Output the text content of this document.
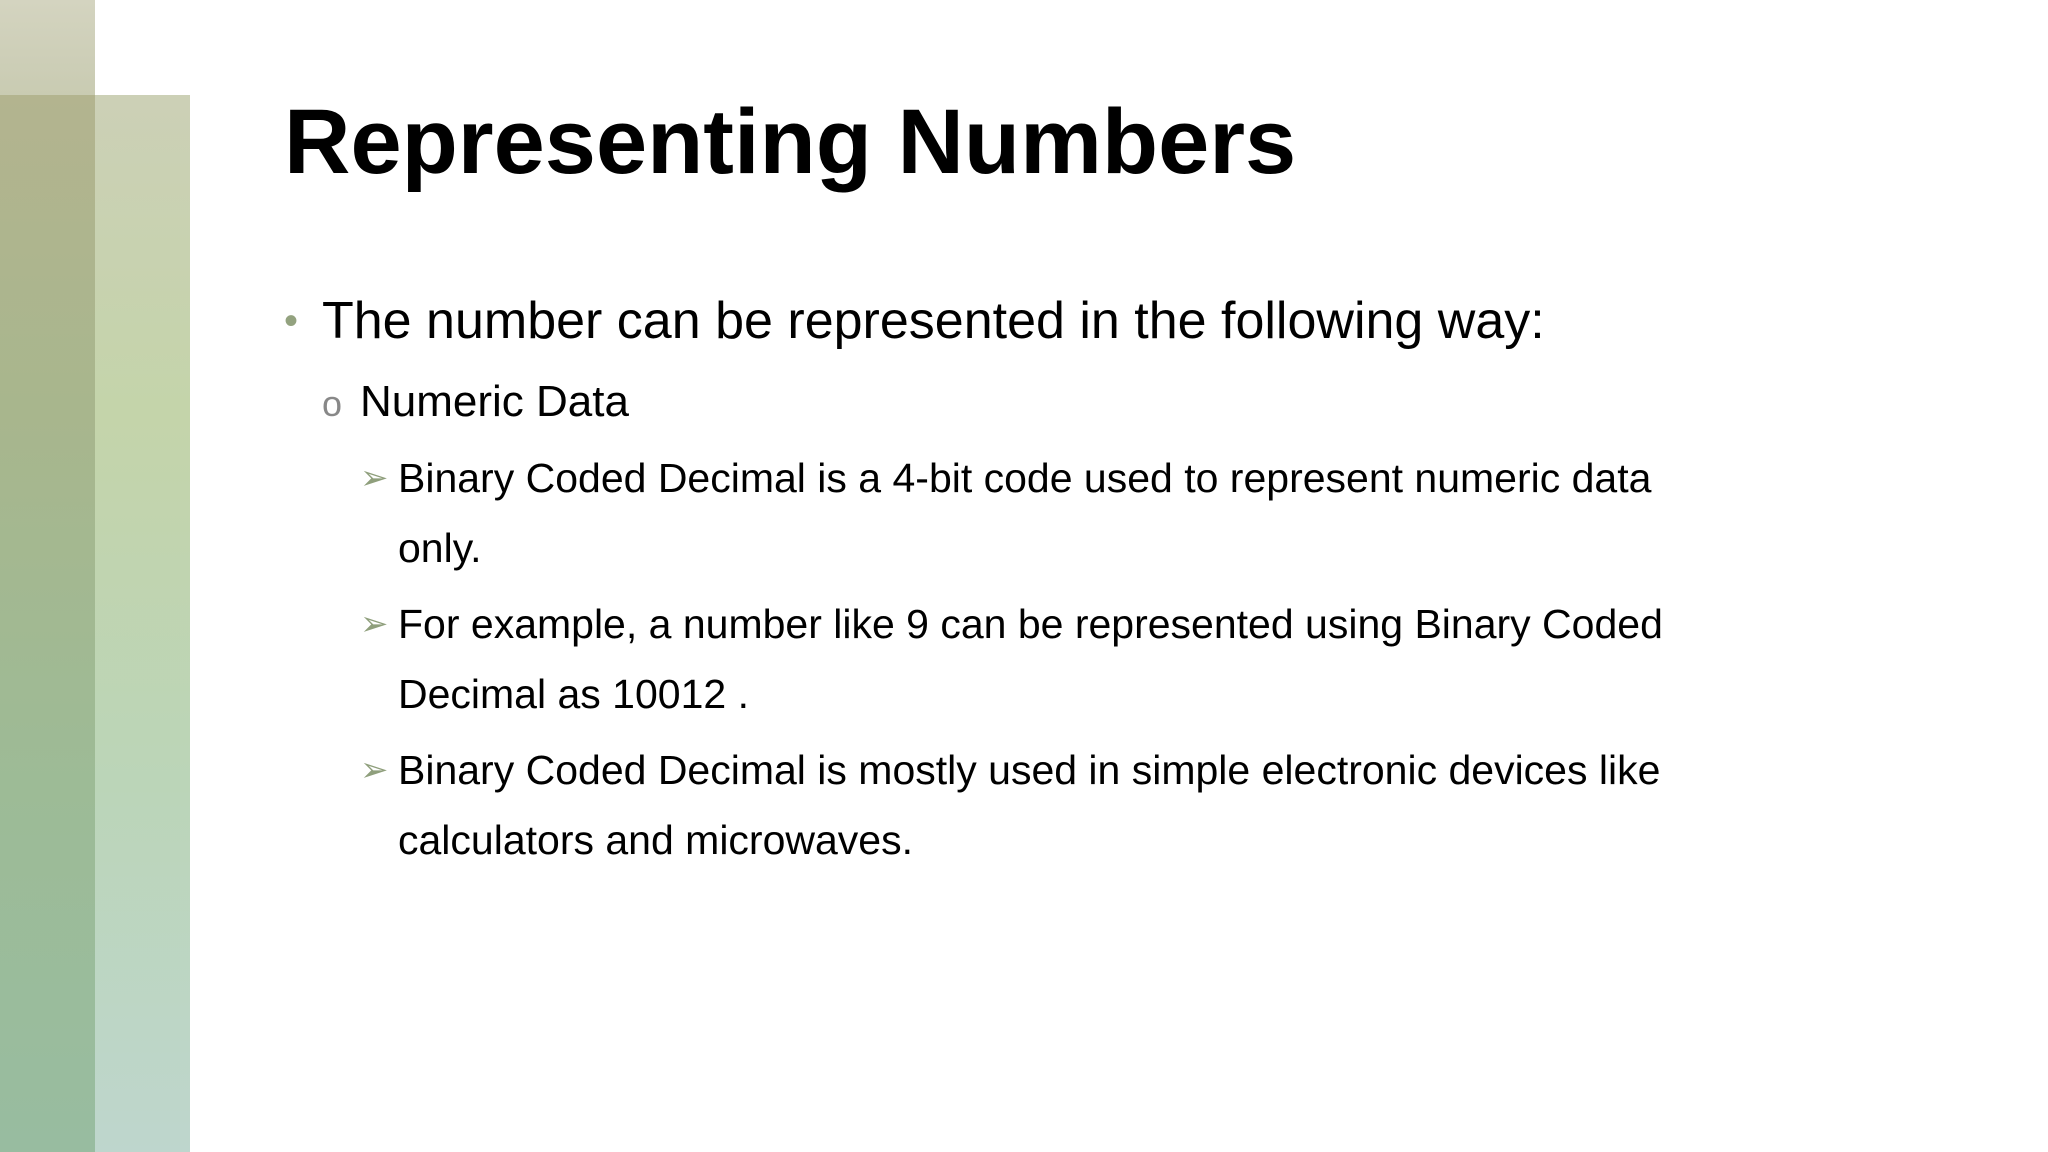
Representing Numbers
• The number can be represented in the following way:
o Numeric Data
➢ Binary Coded Decimal is a 4-bit code used to represent numeric data only.
➢ For example, a number like 9 can be represented using Binary Coded Decimal as 10012 .
➢ Binary Coded Decimal is mostly used in simple electronic devices like calculators and microwaves.
